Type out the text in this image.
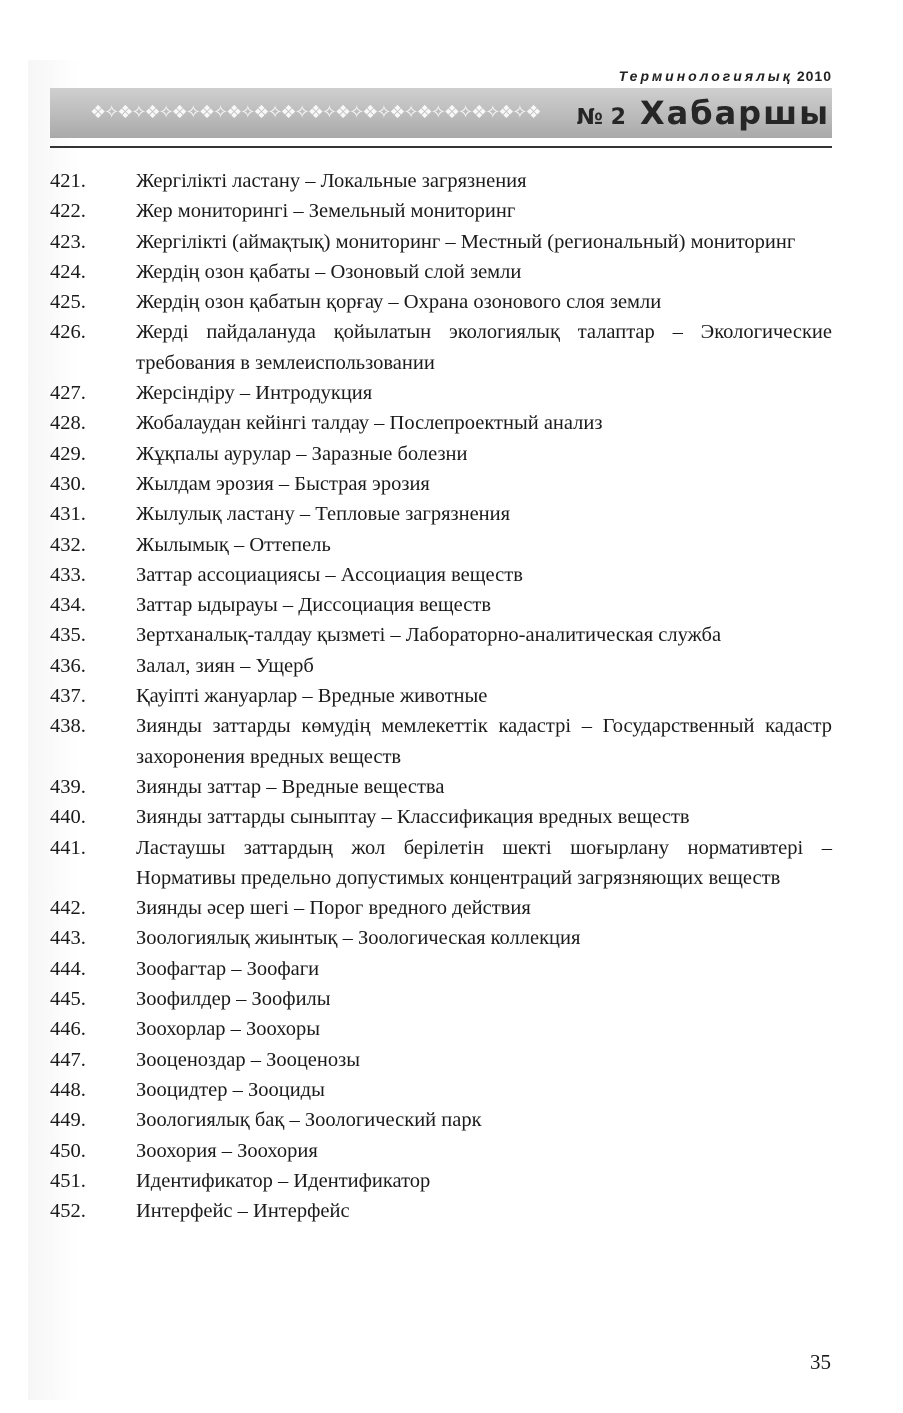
Терминологиялық 2010
❖✧❖✧❖✧❖✧❖✧❖✧❖✧❖✧❖✧❖✧❖✧❖✧❖✧❖✧❖✧❖✧❖ № 2 Хабаршы
421.	Жергілікті ластану – Локальные загрязнения
422.	Жер мониторингі – Земельный мониторинг
423.	Жергілікті (аймақтық) мониторинг – Местный (региональный) мониторинг
424.	Жердің озон қабаты – Озоновый слой земли
425.	Жердің озон қабатын қорғау – Охрана озонового слоя земли
426.	Жерді пайдалануда қойылатын экологиялық талаптар – Экологические требования в землеиспользовании
427.	Жерсіндіру – Интродукция
428.	Жобалаудан кейінгі талдау – Послепроектный анализ
429.	Жұқпалы аурулар – Заразные болезни
430.	Жылдам эрозия – Быстрая эрозия
431.	Жылулық ластану – Тепловые загрязнения
432.	Жылымық – Оттепель
433.	Заттар ассоциациясы – Ассоциация веществ
434.	Заттар ыдырауы – Диссоциация веществ
435.	Зертханалық-талдау қызметі – Лабораторно-аналитическая служба
436.	Залал, зиян – Ущерб
437.	Қауіпті жануарлар – Вредные животные
438.	Зиянды заттарды көмудің мемлекеттік кадастрі – Государственный кадастр захоронения вредных веществ
439.	Зиянды заттар – Вредные вещества
440.	Зиянды заттарды сыныптау – Классификация вредных веществ
441.	Ластаушы заттардың жол берілетін шекті шоғырлану нормативтері – Нормативы предельно допустимых концентраций загрязняющих веществ
442.	Зиянды әсер шегі – Порог вредного действия
443.	Зоологиялық жиынтық – Зоологическая коллекция
444.	Зоофагтар – Зоофаги
445.	Зоофилдер – Зоофилы
446.	Зоохорлар – Зоохоры
447.	Зооценоздар – Зооценозы
448.	Зооцидтер – Зооциды
449.	Зоологиялық бақ – Зоологический парк
450.	Зоохория – Зоохория
451.	Идентификатор – Идентификатор
452.	Интерфейс – Интерфейс
35
